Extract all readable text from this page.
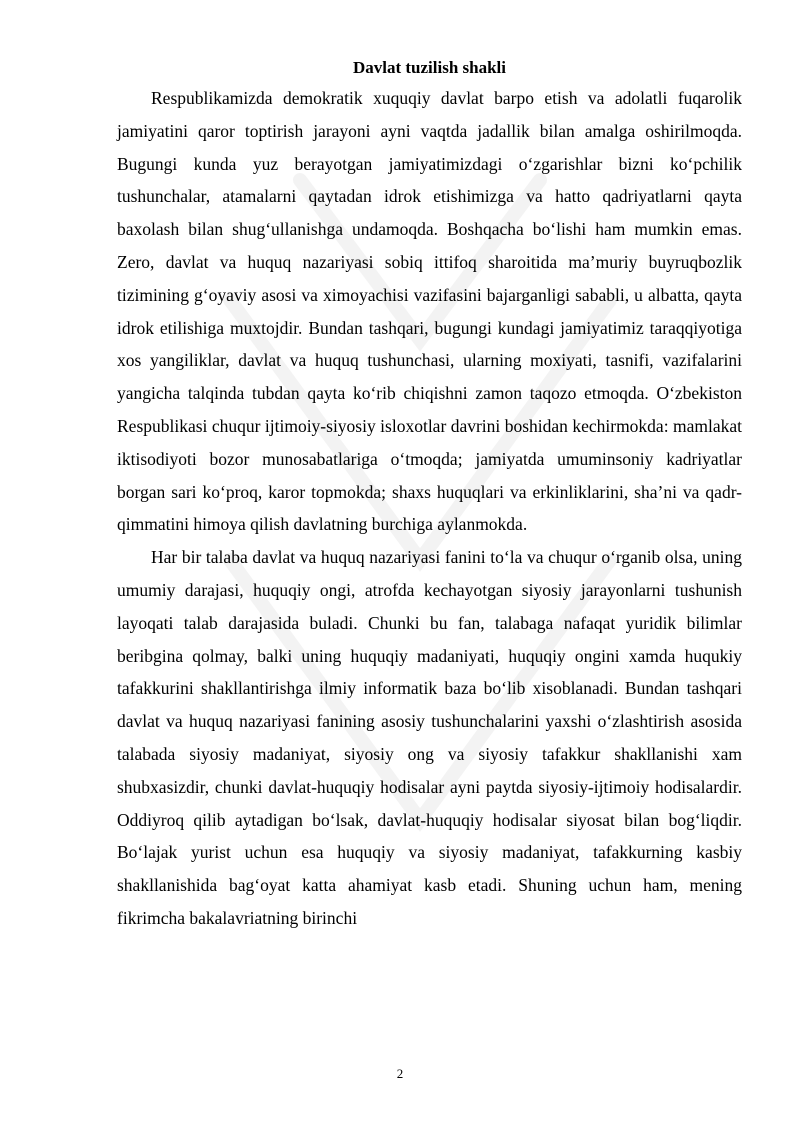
Davlat tuzilish shakli

Respublikamizda demokratik xuquqiy davlat barpo etish va adolatli fuqarolik jamiyatini qaror toptirish jarayoni ayni vaqtda jadallik bilan amalga oshirilmoqda. Bugungi kunda yuz berayotgan jamiyatimizdagi oʻzgarishlar bizni koʻpchilik tushunchalar, atamalarni qaytadan idrok etishimizga va hatto qadriyatlarni qayta baxolash bilan shugʻullanishga undamoqda. Boshqacha boʻlishi ham mumkin emas. Zero, davlat va huquq nazariyasi sobiq ittifoq sharoitida maʼmuriy buyruqbozlik tizimining gʻoyaviy asosi va ximoyachisi vazifasini bajarganligi sababli, u albatta, qayta idrok etilishiga muxtojdir. Bundan tashqari, bugungi kundagi jamiyatimiz taraqqiyotiga xos yangiliklar, davlat va huquq tushunchasi, ularning moxiyati, tasnifi, vazifalarini yangicha talqinda tubdan qayta koʻrib chiqishni zamon taqozo etmoqda. Oʻzbekiston Respublikasi chuqur ijtimoiy-siyosiy isloxotlar davrini boshidan kechirmokda: mamlakat iktisodiyoti bozor munosabatlariga oʻtmoqda; jamiyatda umuminsoniy kadriyatlar borgan sari koʻproq, karor topmokda; shaxs huquqlari va erkinliklarini, shaʼni va qadr-qimmatini himoya qilish davlatning burchiga aylanmokda.

Har bir talaba davlat va huquq nazariyasi fanini toʻla va chuqur oʻrganib olsa, uning umumiy darajasi, huquqiy ongi, atrofda kechayotgan siyosiy jarayonlarni tushunish layoqati talab darajasida buladi. Chunki bu fan, talabaga nafaqat yuridik bilimlar beribgina qolmay, balki uning huquqiy madaniyati, huquqiy ongini xamda huqukiy tafakkurini shakllantirishga ilmiy informatik baza boʻlib xisoblanadi. Bundan tashqari davlat va huquq nazariyasi fanining asosiy tushunchalarini yaxshi oʻzlashtirish asosida talabada siyosiy madaniyat, siyosiy ong va siyosiy tafakkur shakllanishi xam shubxasizdir, chunki davlat-huquqiy hodisalar ayni paytda siyosiy-ijtimoiy hodisalardir. Oddiyroq qilib aytadigan boʻlsak, davlat-huquqiy hodisalar siyosat bilan bogʻliqdir. Boʻlajak yurist uchun esa huquqiy va siyosiy madaniyat, tafakkurning kasbiy shakllanishida bagʻoyat katta ahamiyat kasb etadi. Shuning uchun ham, mening fikrimcha bakalavriatning birinchi

2
